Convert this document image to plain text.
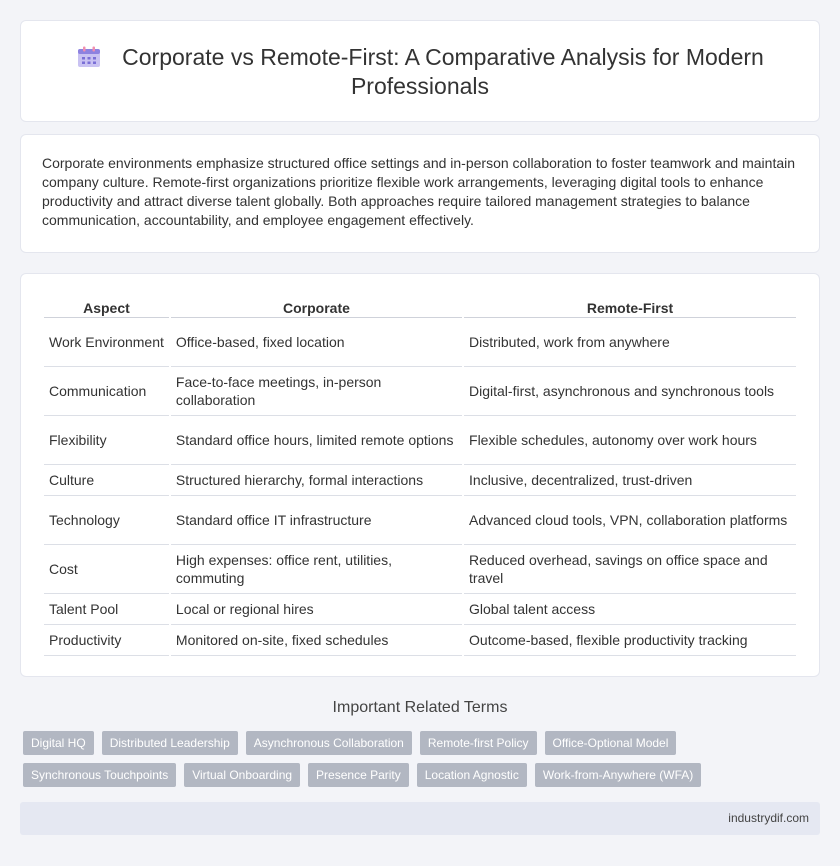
Corporate vs Remote-First: A Comparative Analysis for Modern Professionals

Corporate environments emphasize structured office settings and in-person collaboration to foster teamwork and maintain company culture. Remote-first organizations prioritize flexible work arrangements, leveraging digital tools to enhance productivity and attract diverse talent globally. Both approaches require tailored management strategies to balance communication, accountability, and employee engagement effectively.

Aspect	Corporate	Remote-First
Work Environment	Office-based, fixed location	Distributed, work from anywhere
Communication	Face-to-face meetings, in-person collaboration	Digital-first, asynchronous and synchronous tools
Flexibility	Standard office hours, limited remote options	Flexible schedules, autonomy over work hours
Culture	Structured hierarchy, formal interactions	Inclusive, decentralized, trust-driven
Technology	Standard office IT infrastructure	Advanced cloud tools, VPN, collaboration platforms
Cost	High expenses: office rent, utilities, commuting	Reduced overhead, savings on office space and travel
Talent Pool	Local or regional hires	Global talent access
Productivity	Monitored on-site, fixed schedules	Outcome-based, flexible productivity tracking
Important Related Terms
Digital HQ	Distributed Leadership	Asynchronous Collaboration	Remote-first Policy	Office-Optional Model
Synchronous Touchpoints	Virtual Onboarding	Presence Parity	Location Agnostic	Work-from-Anywhere (WFA)
industrydif.com
